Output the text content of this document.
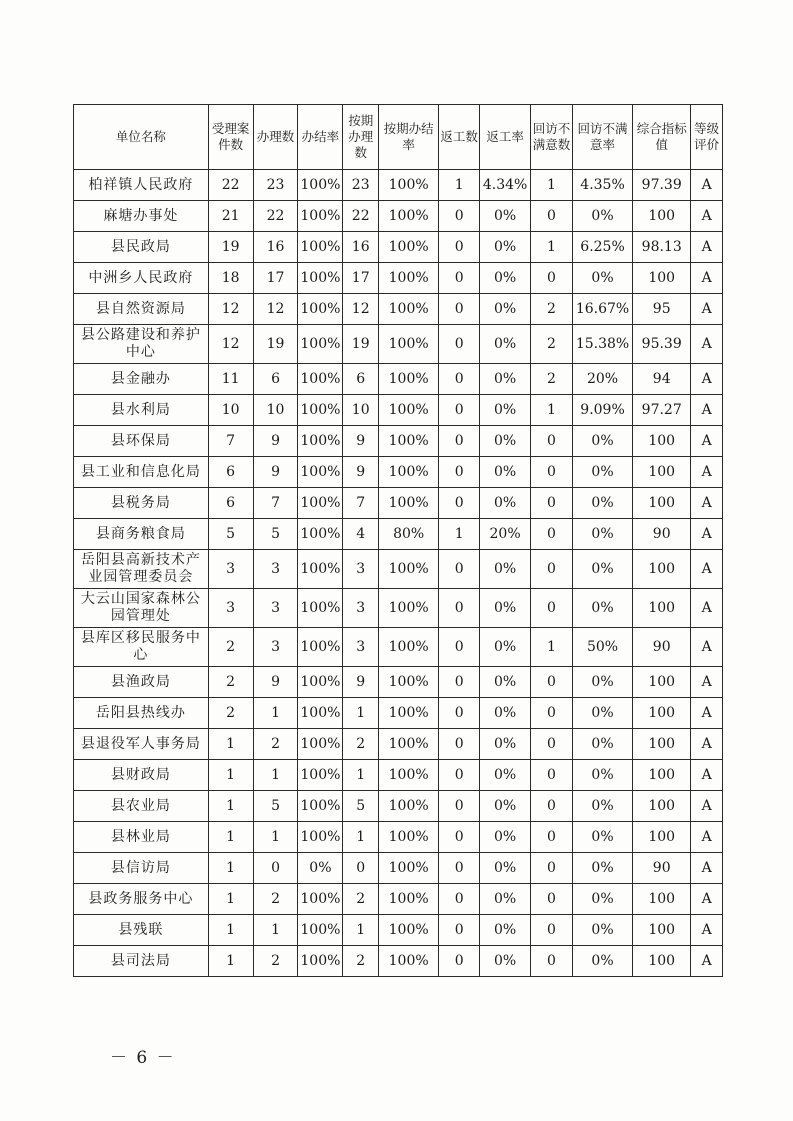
单位名称	受理案件数	办理数	办结率	按期办理数	按期办结率	返工数	返工率	回访不满意数	回访不满意率	综合指标值	等级评价
柏祥镇人民政府	22	23	100%	23	100%	1	4.34%	1	4.35%	97.39	A
麻塘办事处	21	22	100%	22	100%	0	0%	0	0%	100	A
县民政局	19	16	100%	16	100%	0	0%	1	6.25%	98.13	A
中洲乡人民政府	18	17	100%	17	100%	0	0%	0	0%	100	A
县自然资源局	12	12	100%	12	100%	0	0%	2	16.67%	95	A
县公路建设和养护中心	12	19	100%	19	100%	0	0%	2	15.38%	95.39	A
县金融办	11	6	100%	6	100%	0	0%	2	20%	94	A
县水利局	10	10	100%	10	100%	0	0%	1	9.09%	97.27	A
县环保局	7	9	100%	9	100%	0	0%	0	0%	100	A
县工业和信息化局	6	9	100%	9	100%	0	0%	0	0%	100	A
县税务局	6	7	100%	7	100%	0	0%	0	0%	100	A
县商务粮食局	5	5	100%	4	80%	1	20%	0	0%	90	A
岳阳县高新技术产业园管理委员会	3	3	100%	3	100%	0	0%	0	0%	100	A
大云山国家森林公园管理处	3	3	100%	3	100%	0	0%	0	0%	100	A
县库区移民服务中心	2	3	100%	3	100%	0	0%	1	50%	90	A
县渔政局	2	9	100%	9	100%	0	0%	0	0%	100	A
岳阳县热线办	2	1	100%	1	100%	0	0%	0	0%	100	A
县退役军人事务局	1	2	100%	2	100%	0	0%	0	0%	100	A
县财政局	1	1	100%	1	100%	0	0%	0	0%	100	A
县农业局	1	5	100%	5	100%	0	0%	0	0%	100	A
县林业局	1	1	100%	1	100%	0	0%	0	0%	100	A
县信访局	1	0	0%	0	100%	0	0%	0	0%	90	A
县政务服务中心	1	2	100%	2	100%	0	0%	0	0%	100	A
县残联	1	1	100%	1	100%	0	0%	0	0%	100	A
县司法局	1	2	100%	2	100%	0	0%	0	0%	100	A
－ 6 －
